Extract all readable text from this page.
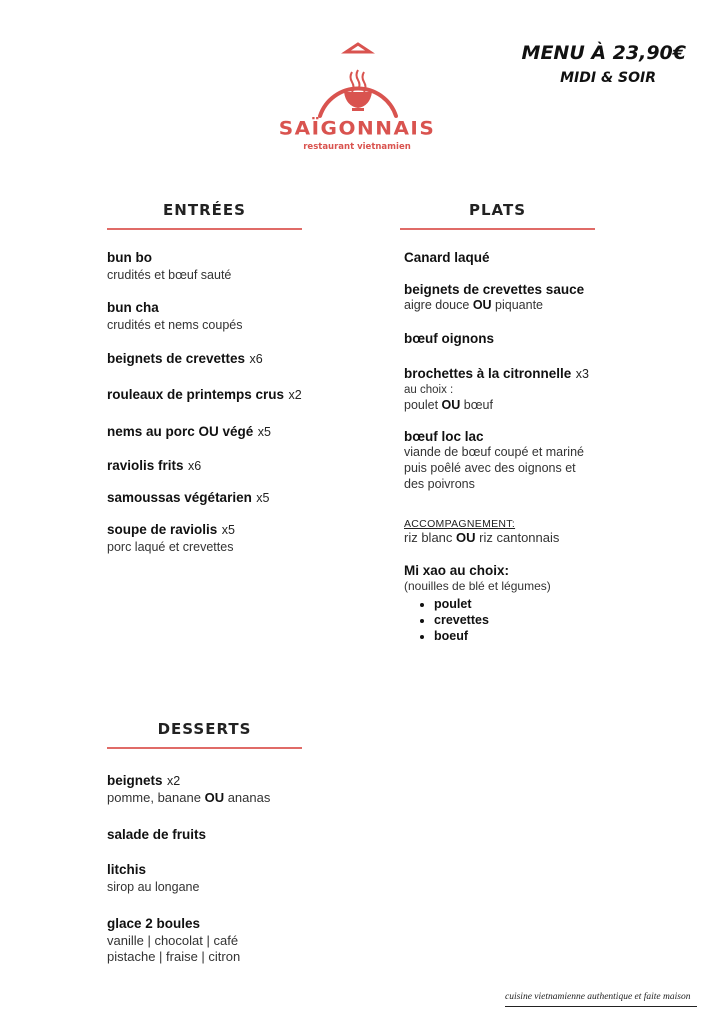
SAÏGONNAIS
restaurant vietnamien
MENU À 23,90€
MIDI & SOIR
ENTRÉES
bun bo
crudités et bœuf sauté
bun cha
crudités et nems coupés
beignets de crevettes x6
rouleaux de printemps crus x2
nems au porc OU végé x5
raviolis frits x6
samoussas végétarien x5
soupe de raviolis x5
porc laqué et crevettes
PLATS
Canard laqué
beignets de crevettes sauce
aigre douce OU piquante
bœuf oignons
brochettes à la citronnelle x3
au choix :
poulet OU bœuf
bœuf loc lac
viande de bœuf coupé et mariné puis poêlé avec des oignons et des poivrons
ACCOMPAGNEMENT:
riz blanc OU riz cantonnais
Mi xao au choix:
(nouilles de blé et légumes)
• poulet
• crevettes
• boeuf
DESSERTS
beignets x2
pomme, banane OU ananas
salade de fruits
litchis
sirop au longane
glace 2 boules
vanille | chocolat | café
pistache | fraise | citron
cuisine vietnamienne authentique et faite maison
